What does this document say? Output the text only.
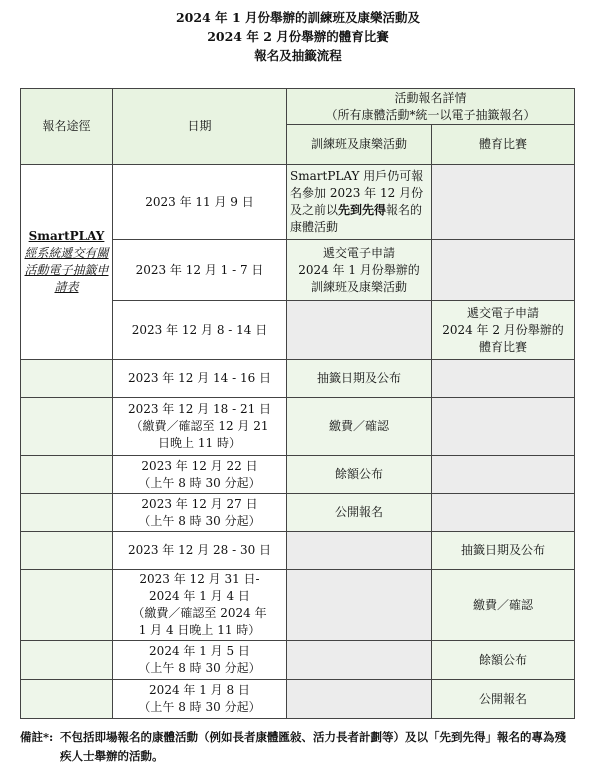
2024 年 1 月份舉辦的訓練班及康樂活動及
2024 年 2 月份舉辦的體育比賽
報名及抽籤流程
報名途徑	日期	活動報名詳情
（所有康體活動*統一以電子抽籤報名）	

		訓練班及康樂活動	體育比賽

SmartPLAY
經系統遞交有關活動電子抽籤申請表	2023 年 11 月 9 日	SmartPLAY 用戶仍可報名參加 2023 年 12 月份及之前以先到先得報名的康體活動	
	2023 年 12 月 1 - 7 日	遞交電子申請
2024 年 1 月份舉辦的
訓練班及康樂活動	
	2023 年 12 月 8 - 14 日		遞交電子申請
2024 年 2 月份舉辦的
體育比賽
	2023 年 12 月 14 - 16 日	抽籤日期及公布	
	2023 年 12 月 18 - 21 日
（繳費／確認至 12 月 21
日晚上 11 時）	繳費／確認	
	2023 年 12 月 22 日
（上午 8 時 30 分起）	餘額公布	
	2023 年 12 月 27 日
（上午 8 時 30 分起）	公開報名	
	2023 年 12 月 28 - 30 日		抽籤日期及公布
	2023 年 12 月 31 日-
2024 年 1 月 4 日
（繳費／確認至 2024 年
1 月 4 日晚上 11 時）		繳費／確認
	2024 年 1 月 5 日
（上午 8 時 30 分起）		餘額公布
	2024 年 1 月 8 日
（上午 8 時 30 分起）		公開報名
備註*: 不包括即場報名的康體活動（例如長者康體匯敍、活力長者計劃等）及以「先到先得」報名的專為殘疾人士舉辦的活動。
